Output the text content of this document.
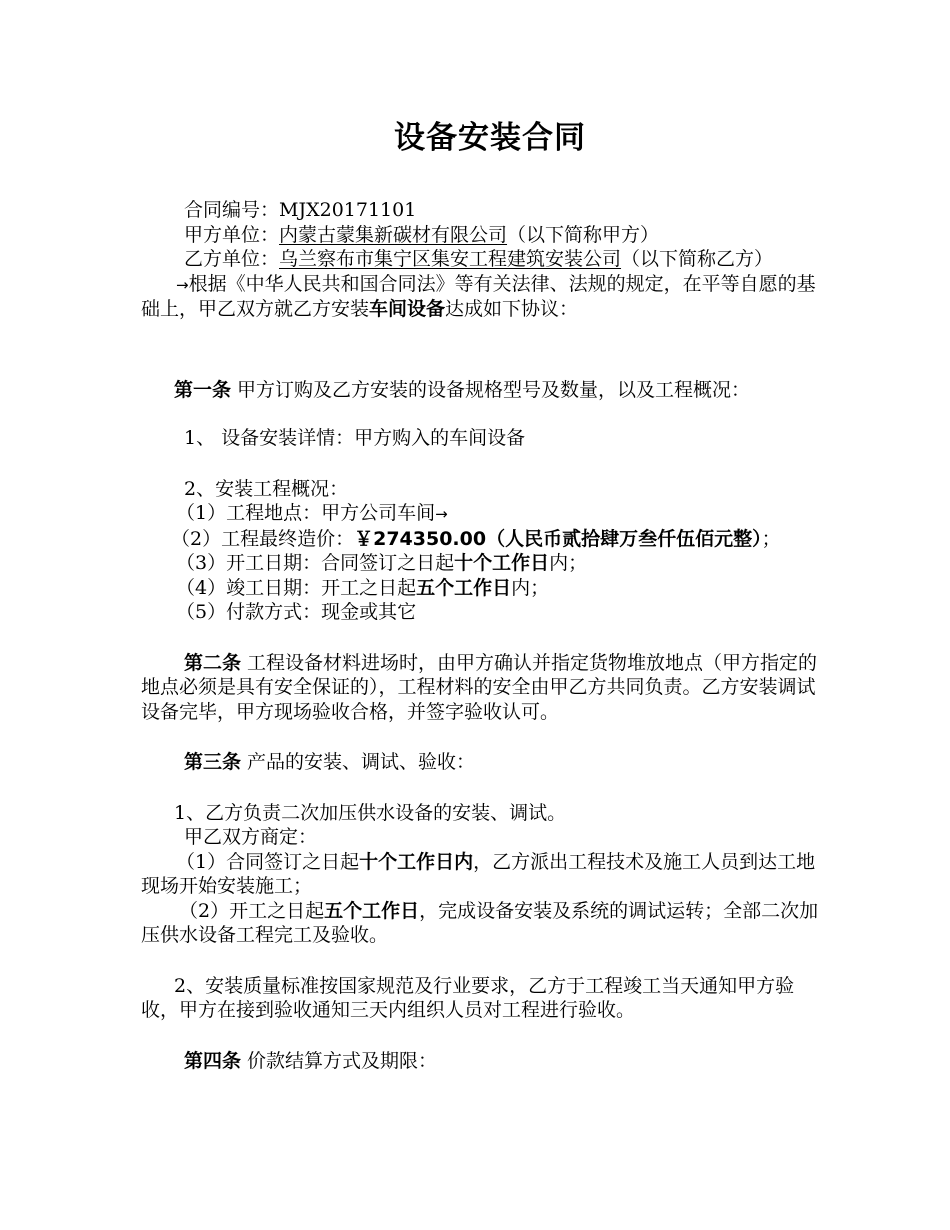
设备安装合同

合同编号：MJX20171101

甲方单位：内蒙古蒙集新碳材有限公司（以下简称甲方）

乙方单位：乌兰察布市集宁区集安工程建筑安装公司（以下简称乙方）

→根据《中华人民共和国合同法》等有关法律、法规的规定，在平等自愿的基础上，甲乙双方就乙方安装车间设备达成如下协议：

第一条 甲方订购及乙方安装的设备规格型号及数量，以及工程概况：

1、 设备安装详情：甲方购入的车间设备

2、安装工程概况：

（1）工程地点：甲方公司车间→

（2）工程最终造价：￥274350.00（人民币贰拾肆万叁仟伍佰元整）；

（3）开工日期：合同签订之日起十个工作日内；

（4）竣工日期：开工之日起五个工作日内；

（5）付款方式：现金或其它

第二条 工程设备材料进场时，由甲方确认并指定货物堆放地点（甲方指定的地点必须是具有安全保证的），工程材料的安全由甲乙方共同负责。乙方安装调试设备完毕，甲方现场验收合格，并签字验收认可。

第三条 产品的安装、调试、验收：

1、乙方负责二次加压供水设备的安装、调试。

甲乙双方商定：

（1）合同签订之日起十个工作日内，乙方派出工程技术及施工人员到达工地现场开始安装施工；

（2）开工之日起五个工作日，完成设备安装及系统的调试运转；全部二次加压供水设备工程完工及验收。

2、安装质量标准按国家规范及行业要求，乙方于工程竣工当天通知甲方验收，甲方在接到验收通知三天内组织人员对工程进行验收。

第四条 价款结算方式及期限：
